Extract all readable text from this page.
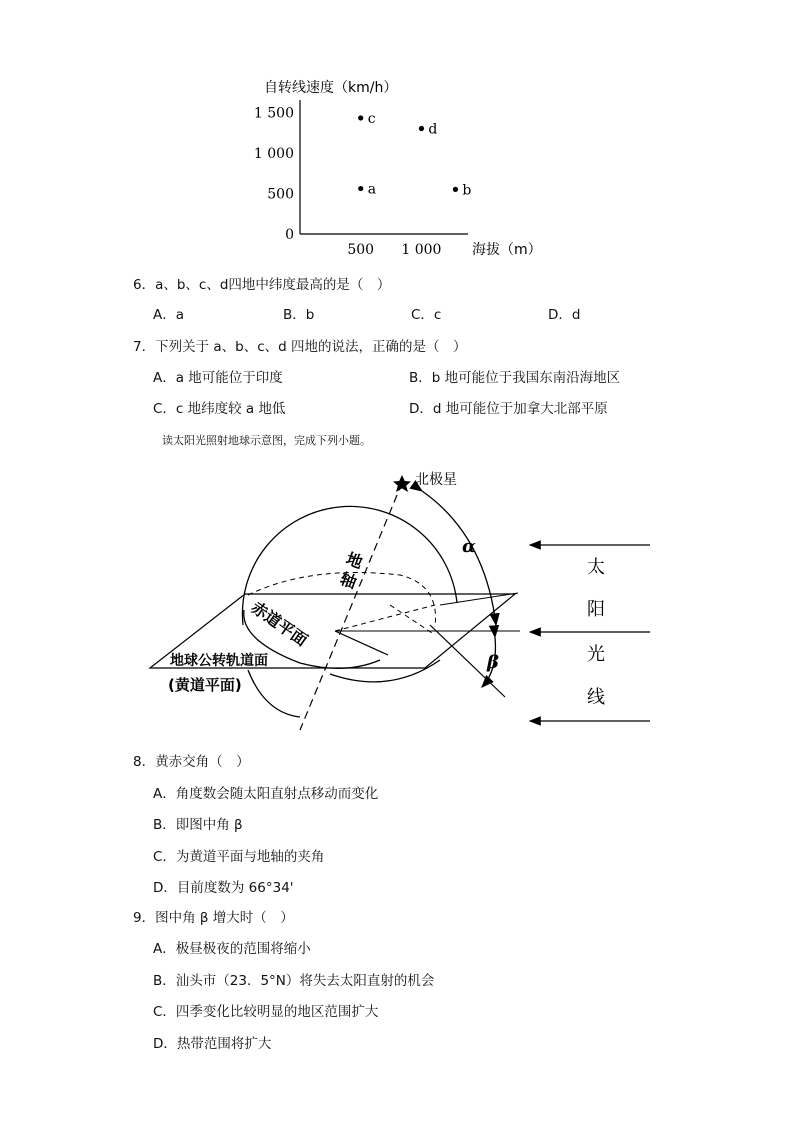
自转线速度（km/h）
海拔（m）
0
500
1 000
1 500
500 1 000
a	b
c
d
6．a、b、c、d四地中纬度最高的是（　）
A．a	B．b	C．c	D．d
7．下列关于 a、b、c、d 四地的说法，正确的是（　）
A．a 地可能位于印度	B．b 地可能位于我国东南沿海地区
C．c 地纬度较 a 地低	D．d 地可能位于加拿大北部平原
读太阳光照射地球示意图，完成下列小题。
北极星
α
β
地
轴
赤道平面
地球公转轨道面
(黄道平面)
太
阳
光
线
8．黄赤交角（　）
A．角度数会随太阳直射点移动而变化
B．即图中角 β
C．为黄道平面与地轴的夹角
D．目前度数为 66°34'
9．图中角 β 增大时（　）
A．极昼极夜的范围将缩小
B．汕头市（23．5°N）将失去太阳直射的机会
C．四季变化比较明显的地区范围扩大
D．热带范围将扩大
